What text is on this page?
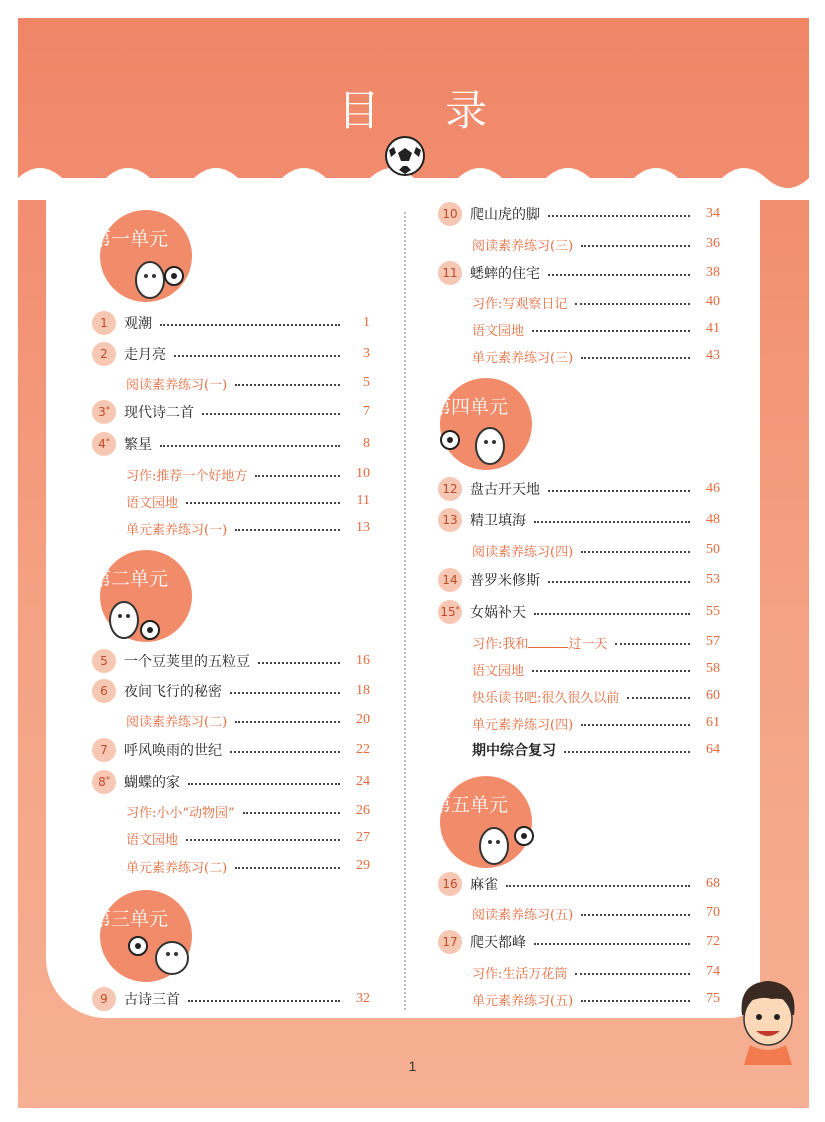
目 录
第一单元
第二单元
第三单元
第四单元
第五单元
1 观潮	1
2 走月亮	3
阅读素养练习(一)	5
3* 现代诗二首	7
4* 繁星	8
习作:推荐一个好地方	10
语文园地	11
单元素养练习(一)	13
5 一个豆荚里的五粒豆	16
6 夜间飞行的秘密	18
阅读素养练习(二)	20
7 呼风唤雨的世纪	22
8* 蝴蝶的家	24
习作:小小“动物园”	26
语文园地	27
单元素养练习(二)	29
9 古诗三首	32
10 爬山虎的脚	34
阅读素养练习(三)	36
11 蟋蟀的住宅	38
习作:写观察日记	40
语文园地	41
单元素养练习(三)	43
12 盘古开天地	46
13 精卫填海	48
阅读素养练习(四)	50
14 普罗米修斯	53
15* 女娲补天	55
习作:我和	过一天	57
语文园地	58
快乐读书吧:很久很久以前	60
单元素养练习(四)	61
期中综合复习	64
16 麻雀	68
阅读素养练习(五)	70
17 爬天都峰	72
习作:生活万花筒	74
单元素养练习(五)	75
1
